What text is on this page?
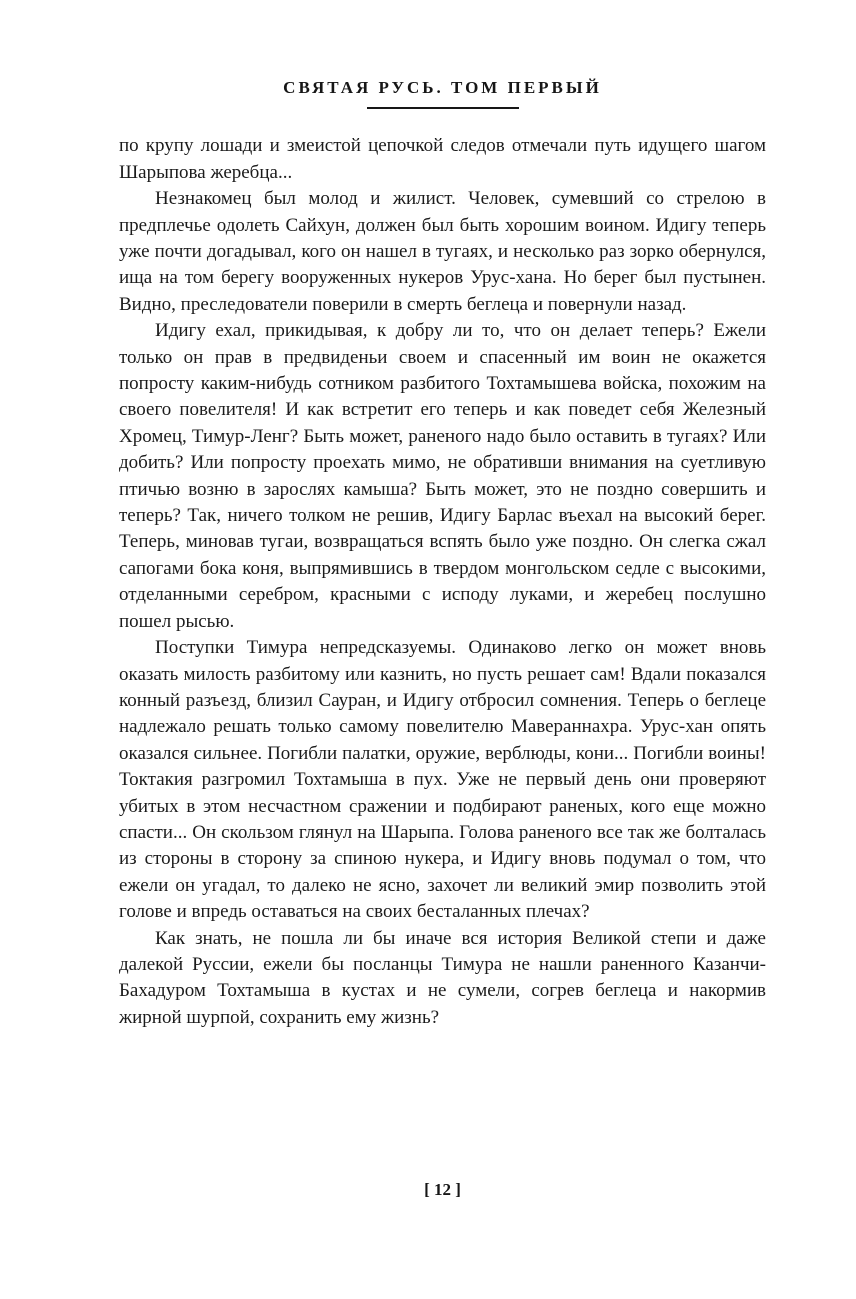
СВЯТАЯ РУСЬ. ТОМ ПЕРВЫЙ

по крупу лошади и змеистой цепочкой следов отмечали путь идущего шагом Шарыпова жеребца...

Незнакомец был молод и жилист. Человек, сумевший со стрелою в предплечье одолеть Сайхун, должен был быть хорошим воином. Идигу теперь уже почти догадывал, кого он нашел в тугаях, и несколько раз зорко обернулся, ища на том берегу вооруженных нукеров Урус-хана. Но берег был пустынен. Видно, преследователи поверили в смерть беглеца и повернули назад.

Идигу ехал, прикидывая, к добру ли то, что он делает теперь? Ежели только он прав в предвиденьи своем и спасенный им воин не окажется попросту каким-нибудь сотником разбитого Тохтамышева войска, похожим на своего повелителя! И как встретит его теперь и как поведет себя Железный Хромец, Тимур-Ленг? Быть может, раненого надо было оставить в тугаях? Или добить? Или попросту проехать мимо, не обративши внимания на суетливую птичью возню в зарослях камыша? Быть может, это не поздно совершить и теперь? Так, ничего толком не решив, Идигу Барлас въехал на высокий берег. Теперь, миновав тугаи, возвращаться вспять было уже поздно. Он слегка сжал сапогами бока коня, выпрямившись в твердом монгольском седле с высокими, отделанными серебром, красными с исподу луками, и жеребец послушно пошел рысью.

Поступки Тимура непредсказуемы. Одинаково легко он может вновь оказать милость разбитому или казнить, но пусть решает сам! Вдали показался конный разъезд, близил Сауран, и Идигу отбросил сомнения. Теперь о беглеце надлежало решать только самому повелителю Мавераннахра. Урус-хан опять оказался сильнее. Погибли палатки, оружие, верблюды, кони... Погибли воины! Токтакия разгромил Тохтамыша в пух. Уже не первый день они проверяют убитых в этом несчастном сражении и подбирают раненых, кого еще можно спасти... Он скользом глянул на Шарыпа. Голова раненого все так же болталась из стороны в сторону за спиною нукера, и Идигу вновь подумал о том, что ежели он угадал, то далеко не ясно, захочет ли великий эмир позволить этой голове и впредь оставаться на своих бесталанных плечах?

Как знать, не пошла ли бы иначе вся история Великой степи и даже далекой Руссии, ежели бы посланцы Тимура не нашли раненного Казанчи-Бахадуром Тохтамыша в кустах и не сумели, согрев беглеца и накормив жирной шурпой, сохранить ему жизнь?

[ 12 ]
